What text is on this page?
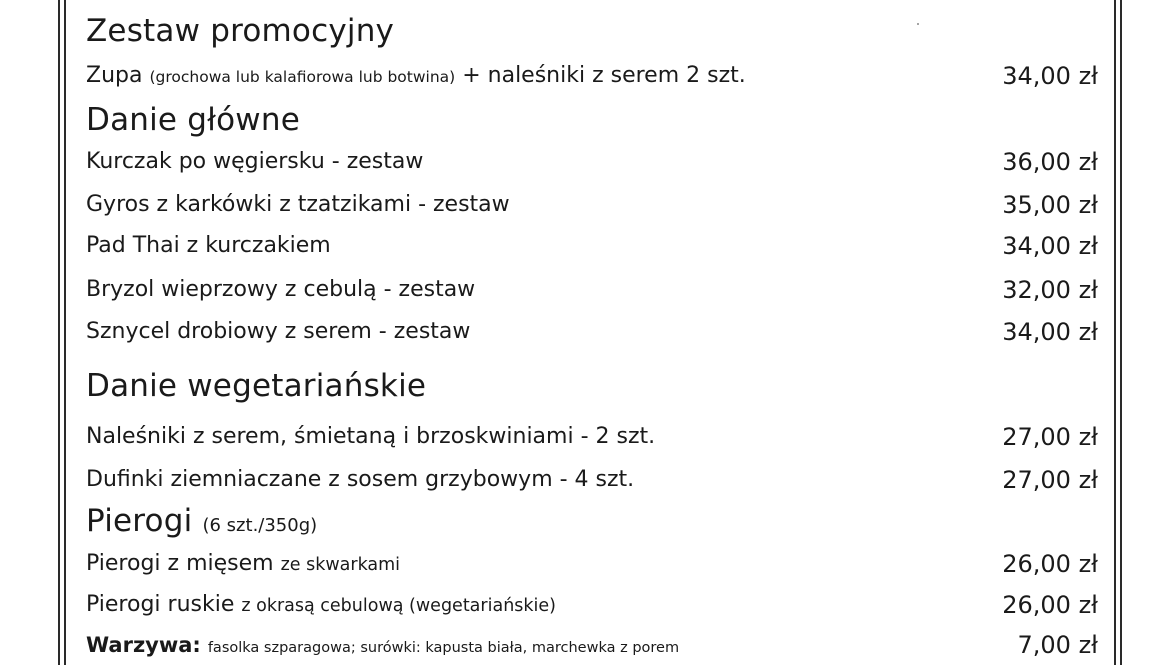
Zestaw promocyjny
Zupa (grochowa lub kalafiorowa lub botwina) + naleśniki z serem 2 szt.	34,00 zł
Danie główne
Kurczak po węgiersku - zestaw	36,00 zł
Gyros z karkówki z tzatzikami - zestaw	35,00 zł
Pad Thai z kurczakiem	34,00 zł
Bryzol wieprzowy z cebulą - zestaw	32,00 zł
Sznycel drobiowy z serem - zestaw	34,00 zł
Danie wegetariańskie
Naleśniki z serem, śmietaną i brzoskwiniami - 2 szt.	27,00 zł
Dufinki ziemniaczane z sosem grzybowym - 4 szt.	27,00 zł
Pierogi (6 szt./350g)
Pierogi z mięsem ze skwarkami	26,00 zł
Pierogi ruskie z okrasą cebulową (wegetariańskie)	26,00 zł
Warzywa: fasolka szparagowa; surówki: kapusta biała, marchewka z porem	7,00 zł
